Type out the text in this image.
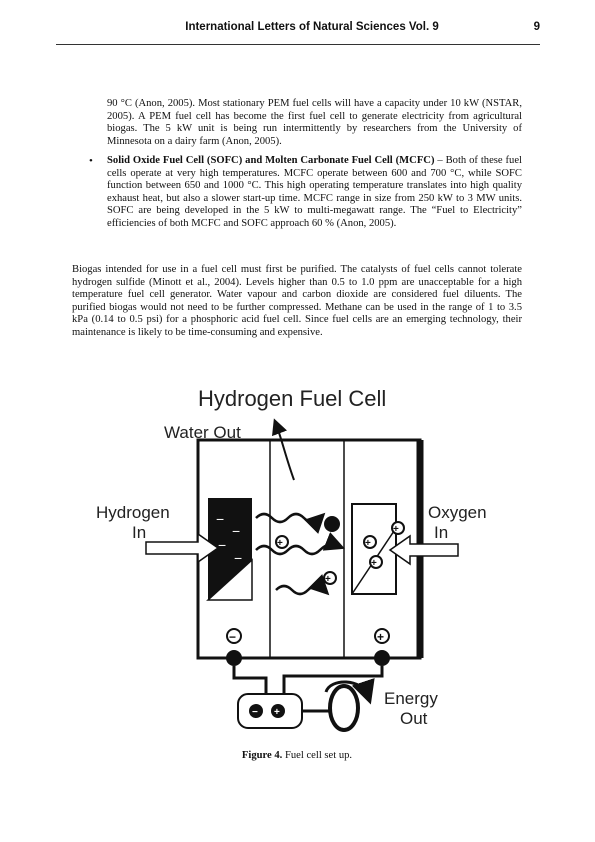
International Letters of Natural Sciences Vol. 9	9
90 °C (Anon, 2005). Most stationary PEM fuel cells will have a capacity under 10 kW (NSTAR, 2005). A PEM fuel cell has become the first fuel cell to generate electricity from agricultural biogas. The 5 kW unit is being run intermittently by researchers from the University of Minnesota on a dairy farm (Anon, 2005).
• Solid Oxide Fuel Cell (SOFC) and Molten Carbonate Fuel Cell (MCFC) – Both of these fuel cells operate at very high temperatures. MCFC operate between 600 and 700 °C, while SOFC function between 650 and 1000 °C. This high operating temperature translates into high quality exhaust heat, but also a slower start-up time. MCFC range in size from 250 kW to 3 MW units. SOFC are being developed in the 5 kW to multi-megawatt range. The “Fuel to Electricity” efficiencies of both MCFC and SOFC approach 60 % (Anon, 2005).
Biogas intended for use in a fuel cell must first be purified. The catalysts of fuel cells cannot tolerate hydrogen sulfide (Minott et al., 2004). Levels higher than 0.5 to 1.0 ppm are unacceptable for a high temperature fuel cell generator. Water vapour and carbon dioxide are considered fuel diluents. The purified biogas would not need to be further compressed. Methane can be used in the range of 1 to 3.5 kPa (0.14 to 0.5 psi) for a phosphoric acid fuel cell. Since fuel cells are an emerging technology, their maintenance is likely to be time-consuming and expensive.
Hydrogen Fuel Cell
Water Out
−
−
−
−
+
+
+
+
+
Hydrogen
In
Oxygen
In
−	+
− +
Energy
Out
Figure 4. Fuel cell set up.
